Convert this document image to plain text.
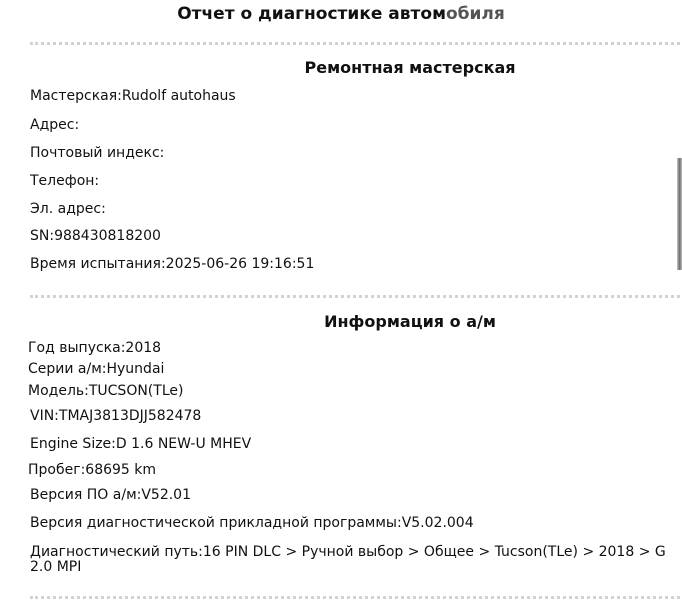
Отчет о диагностике автомобиля
Ремонтная мастерская
Мастерская:Rudolf autohaus
Адрес:
Почтовый индекс:
Телефон:
Эл. адрес:
SN:988430818200
Время испытания:2025-06-26 19:16:51
Информация о а/м
Год выпуска:2018
Серии а/м:Hyundai
Модель:TUCSON(TLe)
VIN:TMAJ3813DJJ582478
Engine Size:D 1.6 NEW-U MHEV
Пробег:68695 km
Версия ПО а/м:V52.01
Версия диагностической прикладной программы:V5.02.004
Диагностический путь:16 PIN DLC > Ручной выбор > Общее > Tucson(TLe) > 2018 > G 2.0 MPI
